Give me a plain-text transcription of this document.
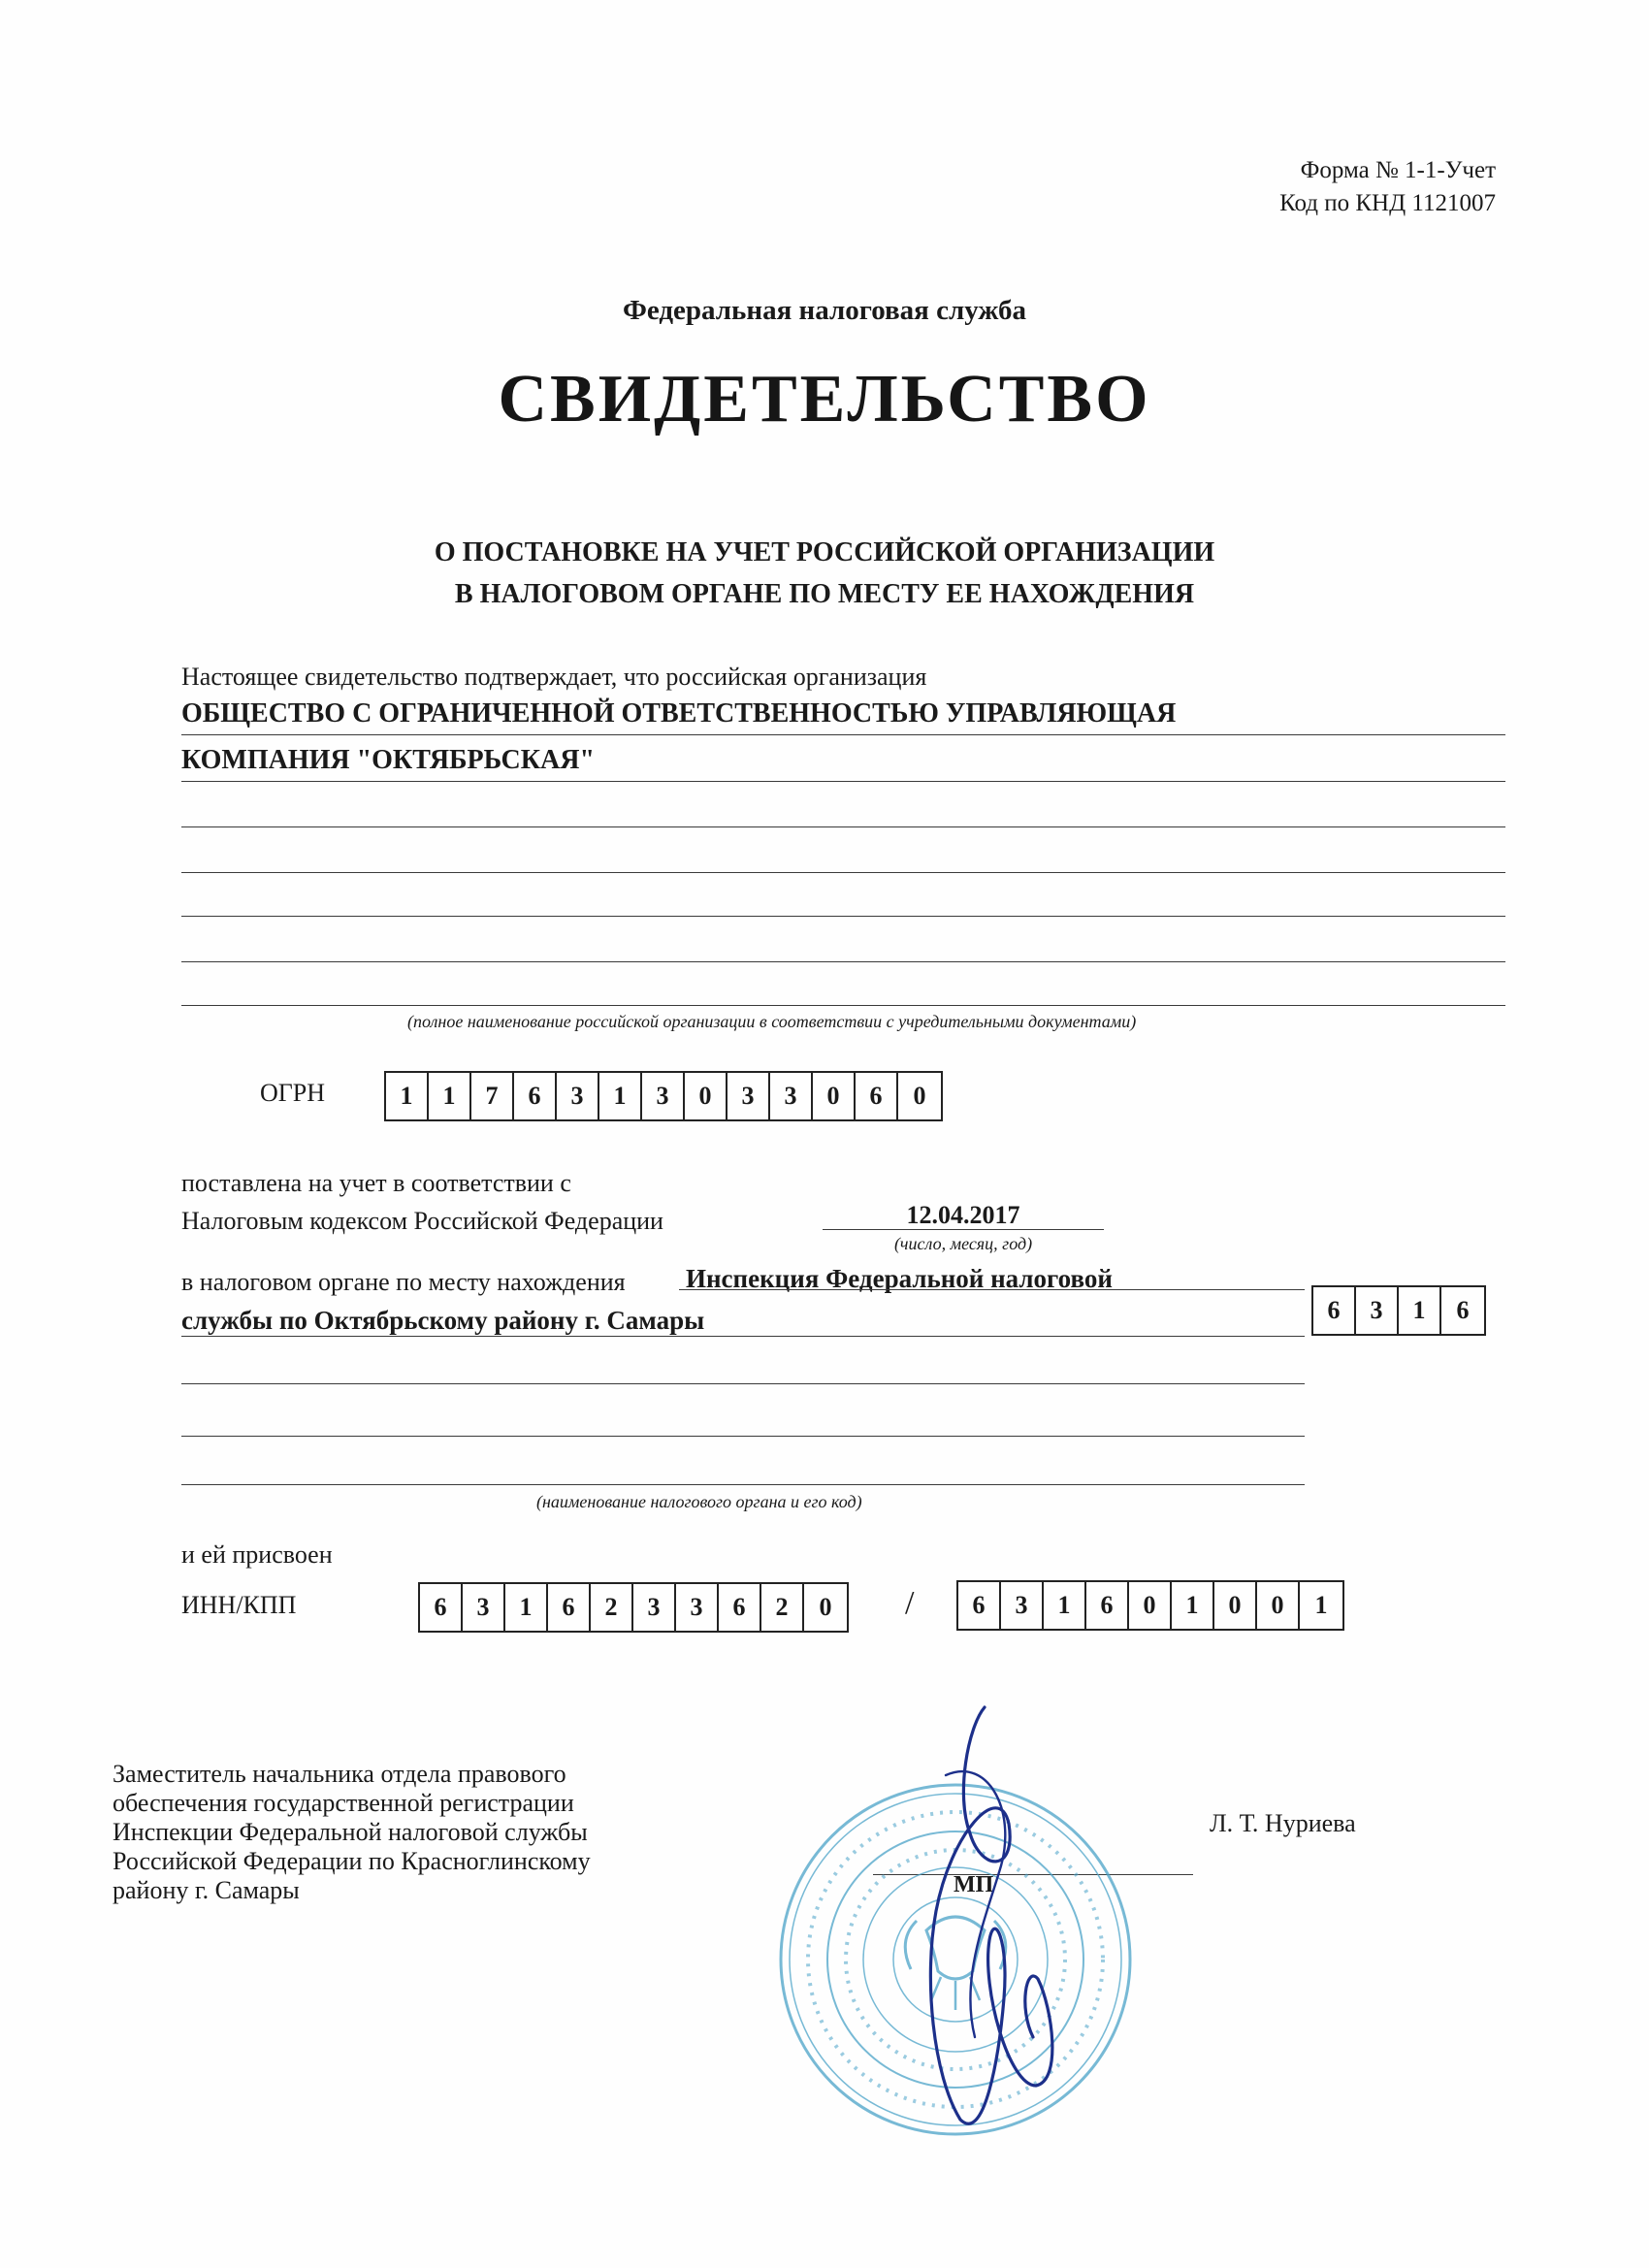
Форма № 1-1-Учет
Код по КНД 1121007
Федеральная налоговая служба
СВИДЕТЕЛЬСТВО
О ПОСТАНОВКЕ НА УЧЕТ РОССИЙСКОЙ ОРГАНИЗАЦИИ
В НАЛОГОВОМ ОРГАНЕ ПО МЕСТУ ЕЕ НАХОЖДЕНИЯ
Настоящее свидетельство подтверждает, что российская организация
ОБЩЕСТВО С ОГРАНИЧЕННОЙ ОТВЕТСТВЕННОСТЬЮ УПРАВЛЯЮЩАЯ
КОМПАНИЯ "ОКТЯБРЬСКАЯ"
(полное наименование российской организации в соответствии с учредительными документами)
ОГРН	1	1	7	6	3	1	3	0	3	3	0	6	0
поставлена на учет в соответствии с
Налоговым кодексом Российской Федерации	12.04.2017
(число, месяц, год)
в налоговом органе по месту нахождения Инспекция Федеральной налоговой
службы по Октябрьскому району г. Самары
(наименование налогового органа и его код)
6	3	1	6
и ей присвоен
ИНН/КПП	6	3	1	6	2	3	3	6	2	0	/	6	3	1	6	0	1	0	0	1
Заместитель начальника отдела правового
обеспечения государственной регистрации
Инспекции Федеральной налоговой службы
Российской Федерации по Красноглинскому
району г. Самары
Л. Т. Нуриева
МП
